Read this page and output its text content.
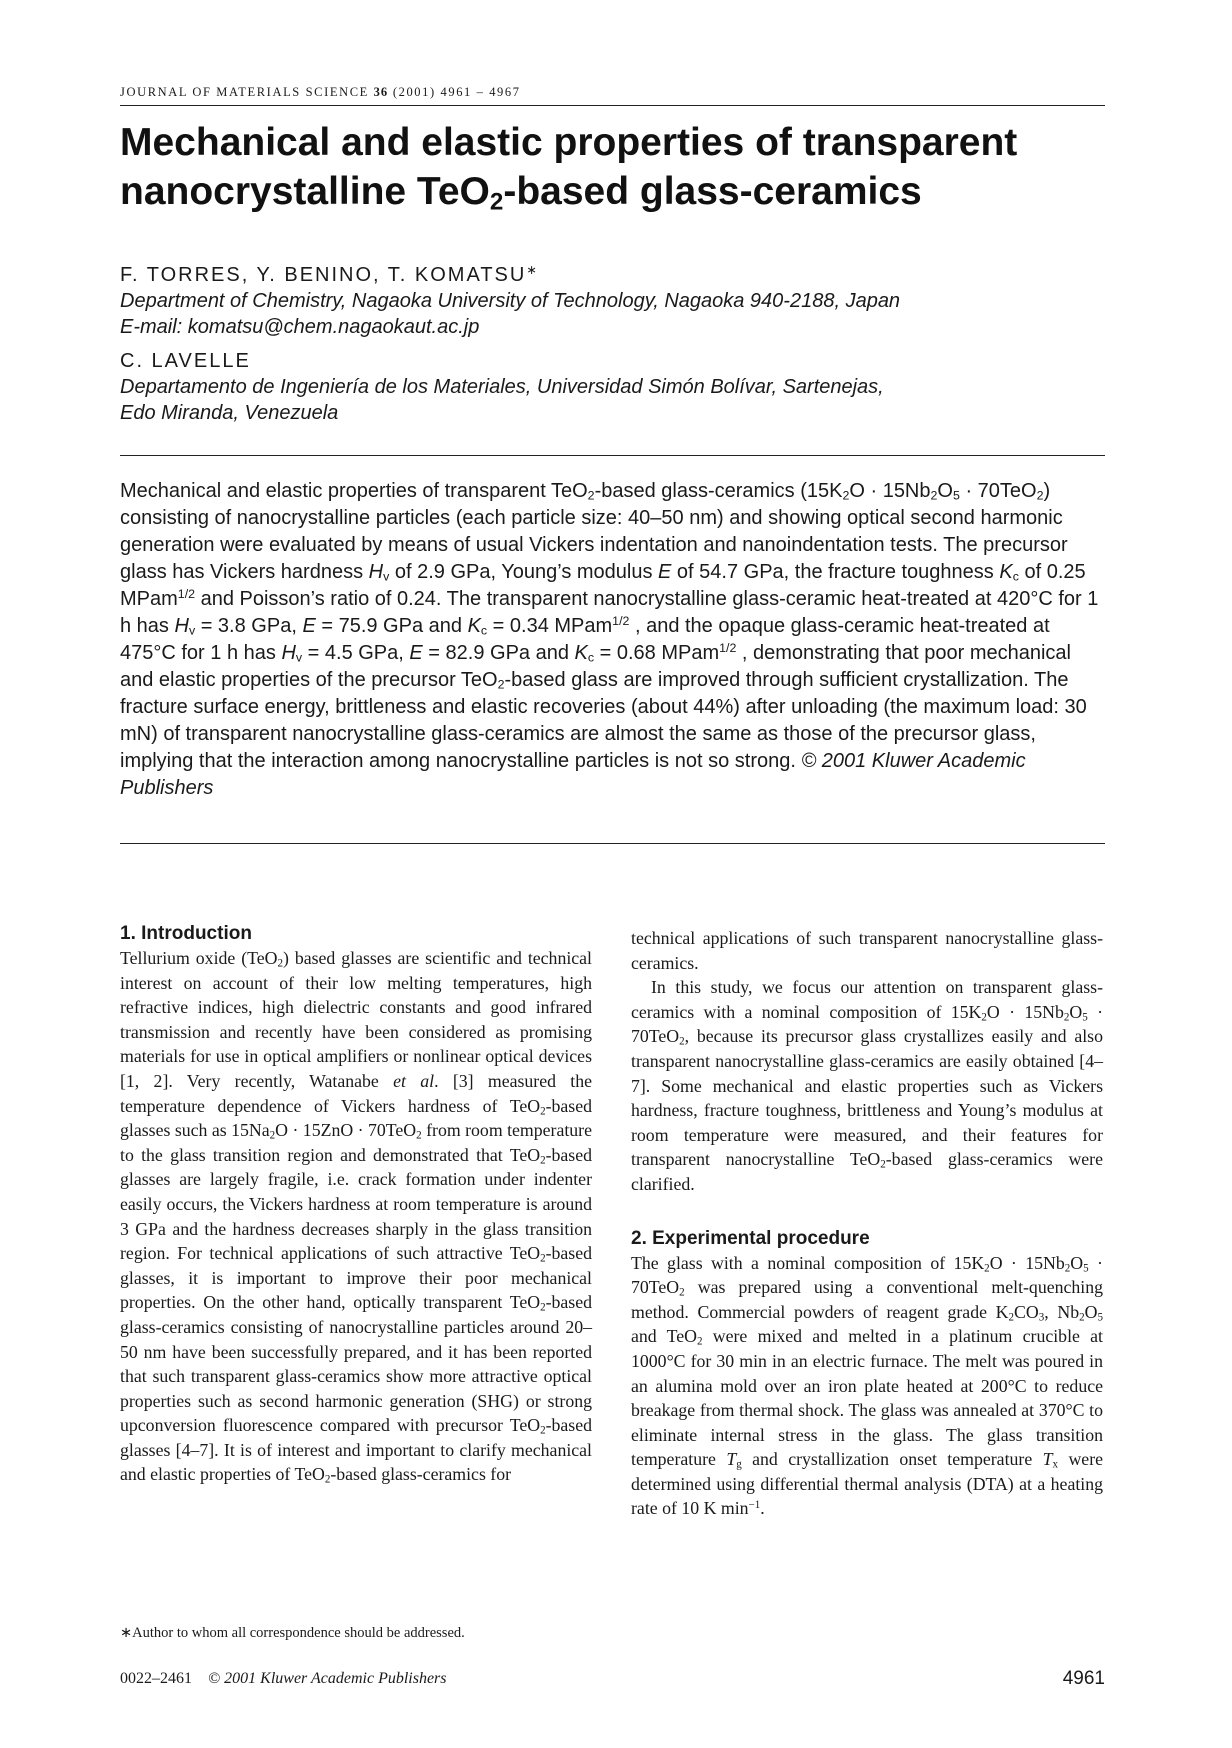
JOURNAL OF MATERIALS SCIENCE 36 (2001) 4961 – 4967
Mechanical and elastic properties of transparent
nanocrystalline TeO$_2$-based glass-ceramics
F. TORRES, Y. BENINO, T. KOMATSU∗
Department of Chemistry, Nagaoka University of Technology, Nagaoka 940-2188, Japan
E-mail: komatsu@chem.nagaokaut.ac.jp
C. LAVELLE
Departamento de Ingeniería de los Materiales, Universidad Simón Bolívar, Sartenejas,
Edo Miranda, Venezuela

Mechanical and elastic properties of transparent TeO$_2$-based glass-ceramics $(15K_2O \cdot 15Nb_2O_5 \cdot 70TeO_2)$ consisting of nanocrystalline particles (each particle size: 40–50 nm) and showing optical second harmonic generation were evaluated by means of usual Vickers indentation and nanoindentation tests. The precursor glass has Vickers hardness $H_v$ of 2.9 GPa, Young’s modulus E of 54.7 GPa, the fracture toughness $K_c$ of 0.25 MPam$^{1/2}$ and Poisson’s ratio of 0.24. The transparent nanocrystalline glass-ceramic heat-treated at 420°C for 1 h has $H_v = 3.8$ GPa, E = 75.9 GPa and $K_c = 0.34$ MPam$^{1/2}$ , and the opaque glass-ceramic heat-treated at 475°C for 1 h has $H_v = 4.5$ GPa, E = 82.9 GPa and $K_c = 0.68$ MPam$^{1/2}$ , demonstrating that poor mechanical and elastic properties of the precursor TeO$_2$-based glass are improved through sufficient crystallization. The fracture surface energy, brittleness and elastic recoveries (about 44%) after unloading (the maximum load: 30 mN) of transparent nanocrystalline glass-ceramics are almost the same as those of the precursor glass, implying that the interaction among nanocrystalline particles is not so strong. © 2001 Kluwer Academic Publishers

1. Introduction

Tellurium oxide (TeO$_2$) based glasses are scientific and technical interest on account of their low melting temperatures, high refractive indices, high dielectric constants and good infrared transmission and recently have been considered as promising materials for use in optical amplifiers or nonlinear optical devices [1, 2]. Very recently, Watanabe et al. [3] measured the temperature dependence of Vickers hardness of TeO$_2$-based glasses such as $15Na_2O \cdot 15ZnO \cdot 70TeO_2$ from room temperature to the glass transition region and demonstrated that TeO$_2$-based glasses are largely fragile, i.e. crack formation under indenter easily occurs, the Vickers hardness at room temperature is around 3 GPa and the hardness decreases sharply in the glass transition region. For technical applications of such attractive TeO$_2$-based glasses, it is important to improve their poor mechanical properties. On the other hand, optically transparent TeO$_2$-based glass-ceramics consisting of nanocrystalline particles around 20–50 nm have been successfully prepared, and it has been reported that such transparent glass-ceramics show more attractive optical properties such as second harmonic generation (SHG) or strong upconversion fluorescence compared with precursor TeO$_2$-based glasses [4–7]. It is of interest and important to clarify mechanical and elastic properties of TeO$_2$-based glass-ceramics for

technical applications of such transparent nanocrystalline glass-ceramics.

In this study, we focus our attention on transparent glass-ceramics with a nominal composition of $15K_2O \cdot 15Nb_2O_5 \cdot 70TeO_2$, because its precursor glass crystallizes easily and also transparent nanocrystalline glass-ceramics are easily obtained [4–7]. Some mechanical and elastic properties such as Vickers hardness, fracture toughness, brittleness and Young’s modulus at room temperature were measured, and their features for transparent nanocrystalline TeO$_2$-based glass-ceramics were clarified.

2. Experimental procedure

The glass with a nominal composition of $15K_2O \cdot 15Nb_2O_5 \cdot 70TeO_2$ was prepared using a conventional melt-quenching method. Commercial powders of reagent grade $K_2CO_3$, $Nb_2O_5$ and TeO$_2$ were mixed and melted in a platinum crucible at 1000°C for 30 min in an electric furnace. The melt was poured in an alumina mold over an iron plate heated at 200°C to reduce breakage from thermal shock. The glass was annealed at 370°C to eliminate internal stress in the glass. The glass transition temperature $T_g$ and crystallization onset temperature $T_x$ were determined using differential thermal analysis (DTA) at a heating rate of 10 K $\min^{-1}$.

∗Author to whom all correspondence should be addressed.
0022–2461 © 2001 Kluwer Academic Publishers	4961
